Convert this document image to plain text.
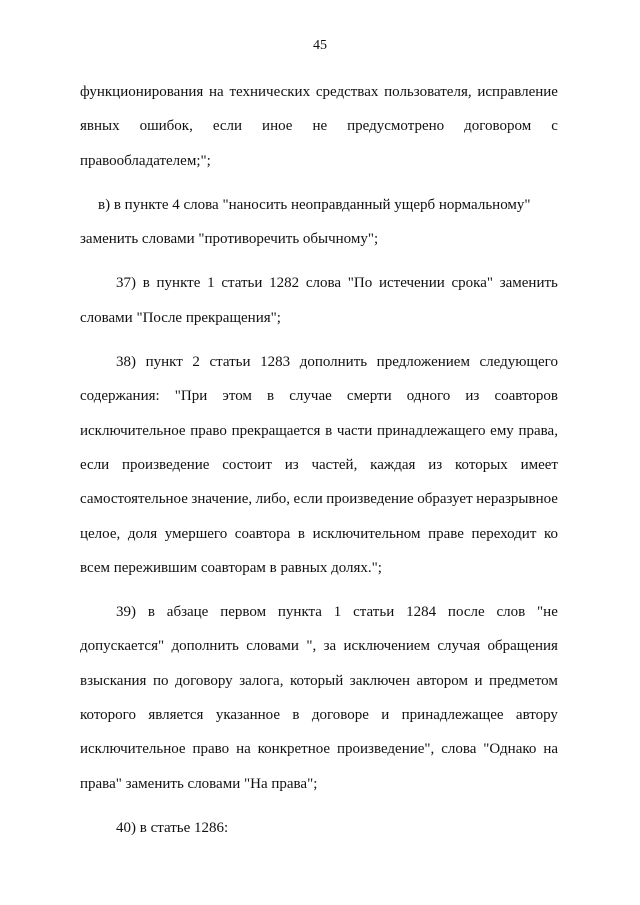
45
функционирования на технических средствах пользователя, исправление
явных ошибок, если иное не предусмотрено договором с
правообладателем;";
в) в пункте 4 слова "наносить неоправданный ущерб нормальному"
заменить словами "противоречить обычному";
37) в пункте 1 статьи 1282 слова "По истечении срока" заменить
словами "После прекращения";
38) пункт 2 статьи 1283 дополнить предложением следующего
содержания: "При этом в случае смерти одного из соавторов
исключительное право прекращается в части принадлежащего ему права,
если произведение состоит из частей, каждая из которых имеет
самостоятельное значение, либо, если произведение образует неразрывное
целое, доля умершего соавтора в исключительном праве переходит ко
всем пережившим соавторам в равных долях.";
39) в абзаце первом пункта 1 статьи 1284 после слов "не
допускается" дополнить словами ", за исключением случая обращения
взыскания по договору залога, который заключен автором и предметом
которого является указанное в договоре и принадлежащее автору
исключительное право на конкретное произведение", слова "Однако на
права" заменить словами "На права";
40) в статье 1286:
